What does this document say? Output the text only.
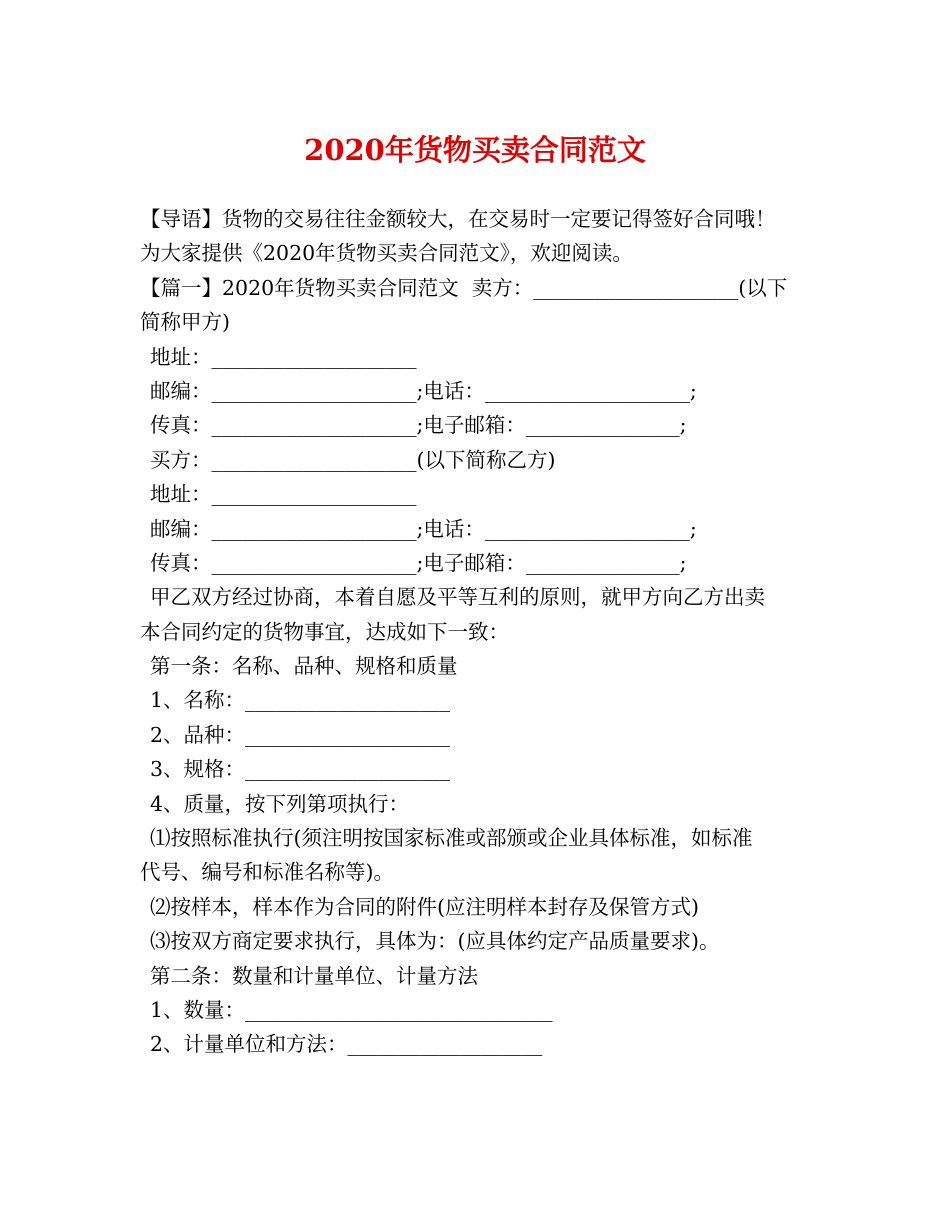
2020年货物买卖合同范文
【导语】货物的交易往往金额较大，在交易时一定要记得签好合同哦！
为大家提供《2020年货物买卖合同范文》，欢迎阅读。
【篇一】2020年货物买卖合同范文  卖方：____________________(以下
简称甲方)
地址：____________________
邮编：____________________;电话：____________________;
传真：____________________;电子邮箱：_______________;
买方：____________________(以下简称乙方)
地址：____________________
邮编：____________________;电话：____________________;
传真：____________________;电子邮箱：_______________;
甲乙双方经过协商，本着自愿及平等互利的原则，就甲方向乙方出卖
本合同约定的货物事宜，达成如下一致：
第一条：名称、品种、规格和质量
1、名称：____________________
2、品种：____________________
3、规格：____________________
4、质量，按下列第项执行：
⑴按照标准执行(须注明按国家标准或部颁或企业具体标准，如标准
代号、编号和标准名称等)。
⑵按样本，样本作为合同的附件(应注明样本封存及保管方式)
⑶按双方商定要求执行，具体为：(应具体约定产品质量要求)。
第二条：数量和计量单位、计量方法
1、数量：______________________________
2、计量单位和方法：___________________
